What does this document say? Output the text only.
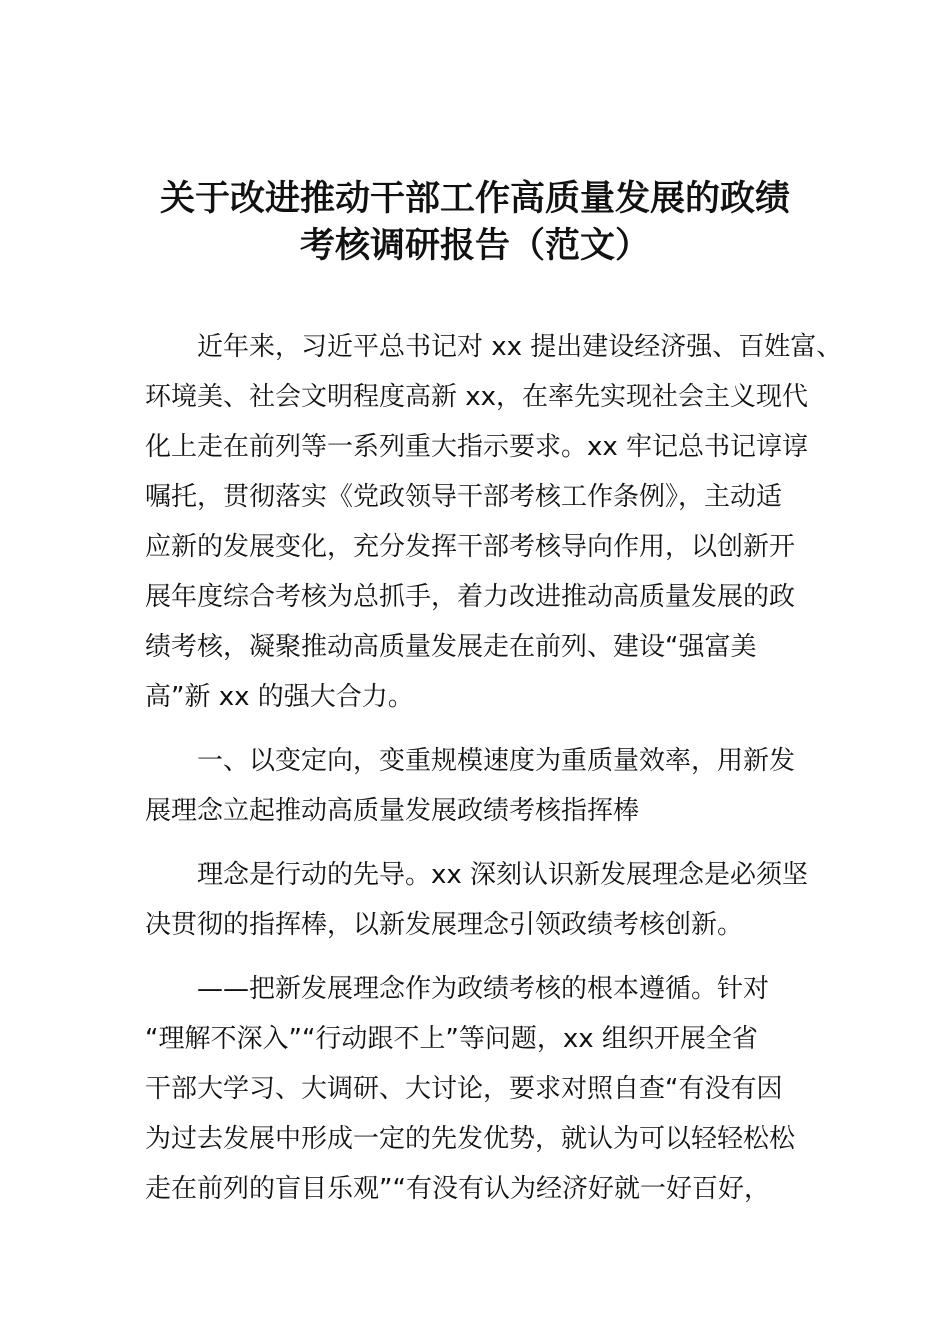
关于改进推动干部工作高质量发展的政绩
考核调研报告（范文）
　　近年来，习近平总书记对 xx 提出建设经济强、百姓富、
环境美、社会文明程度高新 xx，在率先实现社会主义现代
化上走在前列等一系列重大指示要求。xx 牢记总书记谆谆
嘱托，贯彻落实《党政领导干部考核工作条例》，主动适
应新的发展变化，充分发挥干部考核导向作用，以创新开
展年度综合考核为总抓手，着力改进推动高质量发展的政
绩考核，凝聚推动高质量发展走在前列、建设“强富美
高”新 xx 的强大合力。
　　一、以变定向，变重规模速度为重质量效率，用新发
展理念立起推动高质量发展政绩考核指挥棒
　　理念是行动的先导。xx 深刻认识新发展理念是必须坚
决贯彻的指挥棒，以新发展理念引领政绩考核创新。
　　——把新发展理念作为政绩考核的根本遵循。针对
“理解不深入”“行动跟不上”等问题，xx 组织开展全省
干部大学习、大调研、大讨论，要求对照自查“有没有因
为过去发展中形成一定的先发优势，就认为可以轻轻松松
走在前列的盲目乐观”“有没有认为经济好就一好百好，
